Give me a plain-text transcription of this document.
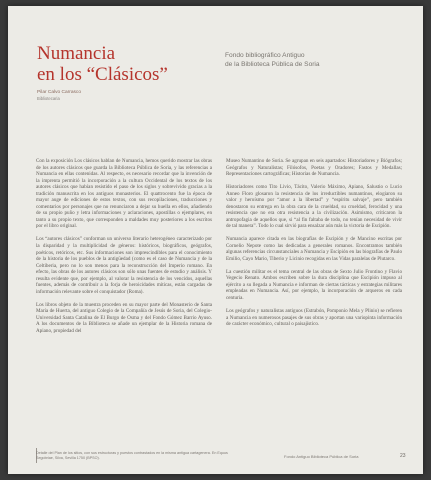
Numancia
en los “Clásicos”
Fondo bibliográfico Antiguo
de la Biblioteca Pública de Soria
Pilar Calvo Carrasco
Bibliotecaria

Con la exposición Los clásicos hablan de Numancia, hemos querido mostrar las obras de los autores clásicos que guarda la Biblioteca Pública de Soria, y las referencias a Numancia en ellas contenidas. Al respecto, es necesario recordar que la invención de la imprenta permitió la incorporación a la cultura Occidental de los textos de los autores clásicos que habían resistido el paso de los siglos y sobrevivido gracias a la tradición manuscrita en los antiguos monasterios. El quattrocento fue la época de mayor auge de ediciones de estos textos, con sus recopilaciones, traducciones y comentarios por personajes que no renunciaron a dejar su huella en ellos, añadiendo de su propio puño y letra informaciones y aclaraciones, apostillas o ejemplares, en tanto a su propio texto, que corresponden a maldades muy posteriores a los escritos por el libro original.

Los “autores clásicos” conforman un universo literario heterogéneo caracterizado por la disparidad y la multiplicidad de géneros: históricos, biográficos, geógrafos, poéticos, retóricos, etc. Sus informaciones son imprescindibles para el conocimiento de la historia de los pueblos de la antigüedad (como es el caso de Numancia y de la Celtiberia, pero no lo son menos para la reconstrucción del Imperio romano. En efecto, las obras de los autores clásicos son sólo unas fuentes de estudio y análisis. Y resulta evidente que, por ejemplo, al valorar la resistencia de los vencidos, aquellas fuentes, además de contribuir a la forja de heroicidades míticas, están cargadas de información relevante sobre el conquistador (Roma).

Los libros objeto de la muestra proceden en su mayor parte del Monasterio de Santa María de Huerta, del antiguo Colegio de la Compañía de Jesús de Soria, del Colegio-Universidad Santa Catalina de El Burgo de Osma y del Fondo Gómez Barrio Ayuso. A los documentos de la Biblioteca se añade un ejemplar de la Historia romana de Apiano, propiedad del

Museo Numantino de Soria. Se agrupan en seis apartados: Historiadores y Biógrafos; Geógrafos y Naturalistas; Filósofos, Poetas y Oradores; Fastos y Medallas; Representaciones cartográficas; Historias de Numancia.

Historiadores como Tito Livio, Tácito, Valerio Máximo, Apiano, Salustio o Lucio Anneo Floro glosaron la resistencia de los irreductibles numantinos, elogiaron su valor y heroísmo por “amor a la libertad” y “espíritu salvaje”, pero también denostaron su entrega en la obra cara de la crueldad, su crueldad, ferocidad y una resistencia que no era otra resistencia a la civilización. Asimismo, criticaron la antropofagia de aquellos que, si “al fin faltaba de todo, no tenían necesidad de vivir de tal manera”. Todo lo cual sirvió para ensalzar aún más la victoria de Escipión.

Numancia aparece citada en las biografías de Escipión y de Mancino escritas por Cornelio Nepote como las dedicadas a generales romanos. Encontramos también algunas referencias circunstanciales a Numancia y Escipión en las biografías de Paulo Emilio, Cayo Mario, Tiberio y Licinio recogidas en las Vidas paralelas de Plutarco.

La cuestión militar es el tema central de las obras de Sexto Julio Frontino y Flavio Vegecio Renato. Ambos escriben sobre la dura disciplina que Escipión impuso al ejército a su llegada a Numancia e informan de ciertas tácticas y estrategias militares empleadas en Numancia. Así, por ejemplo, la incorporación de arqueros en cada centuria.

Los geógrafos y naturalistas antiguos (Estrabón, Pomponio Mela y Plinio) se refieren a Numancia en numerosos pasajes de sus obras y aportan una variopinta información de carácter económico, cultural o paisajístico.

Detalle del Plan de los sitios, con sus estructuras y puestos contrastados en la misma antigua cartagenera. En Equus Segobriae, Silva, Sevilla 1750 (BPSO).	Fondo Antiguo Biblioteca Pública de Soria	23
